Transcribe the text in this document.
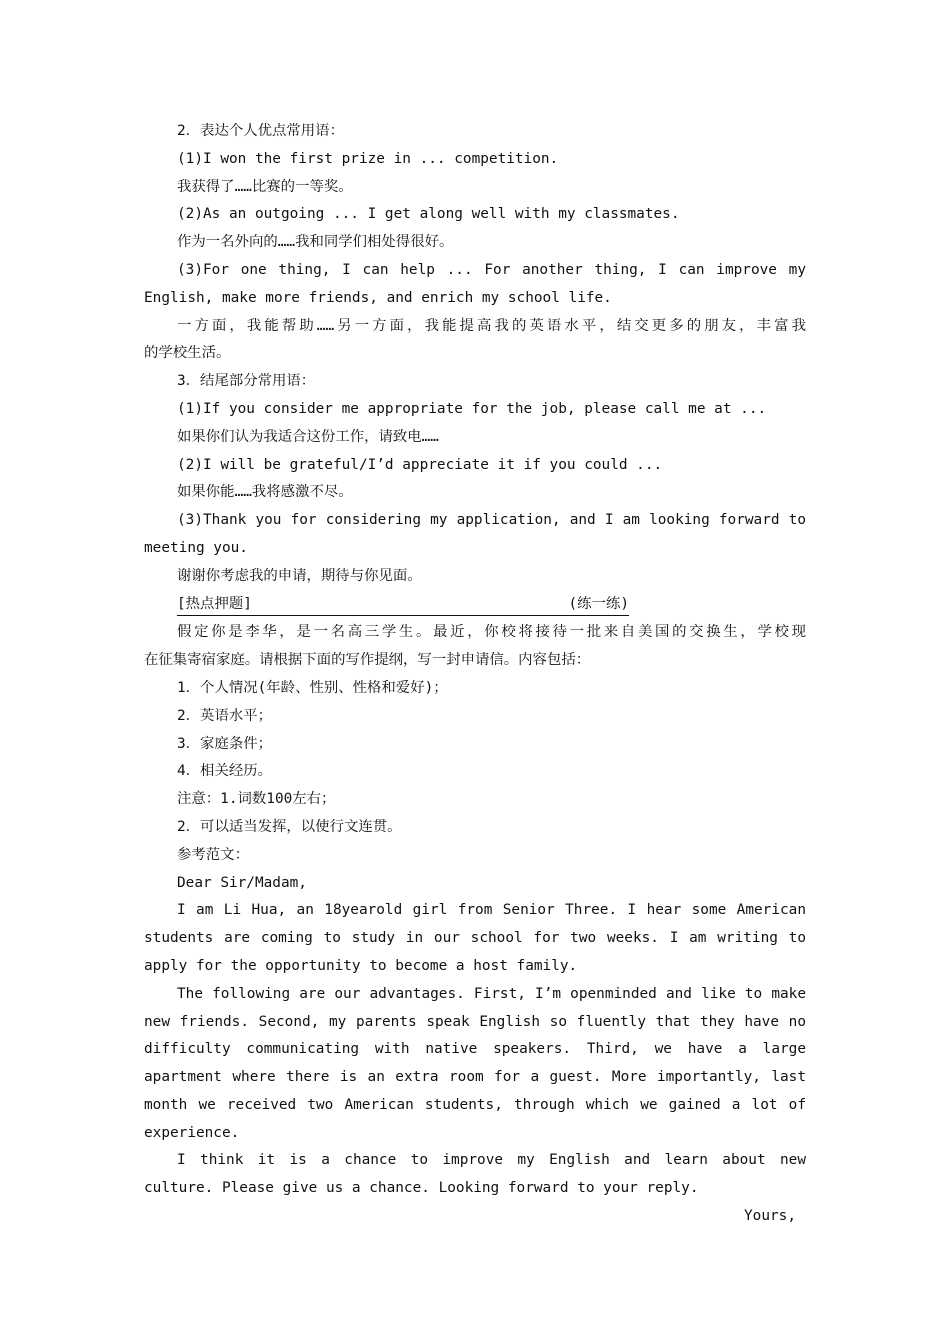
2．表达个人优点常用语：
(1)I won the first prize in ... competition.
我获得了……比赛的一等奖。
(2)As an outgoing ... I get along well with my classmates.
作为一名外向的……我和同学们相处得很好。
(3)For one thing, I can help ... For another thing, I can improve my
English, make more friends, and enrich my school life.
一方面，我能帮助……另一方面，我能提高我的英语水平，结交更多的朋友，丰富我
的学校生活。
3．结尾部分常用语：
(1)If you consider me appropriate for the job, please call me at ...
如果你们认为我适合这份工作，请致电……
(2)I will be grateful/I’d appreciate it if you could ...
如果你能……我将感激不尽。
(3)Thank you for considering my application, and I am looking forward to
meeting you.
谢谢你考虑我的申请，期待与你见面。
[热点押题]	(练一练)
假定你是李华，是一名高三学生。最近，你校将接待一批来自美国的交换生，学校现
在征集寄宿家庭。请根据下面的写作提纲，写一封申请信。内容包括：
1．个人情况(年龄、性别、性格和爱好)；
2．英语水平；
3．家庭条件；
4．相关经历。
注意：1.词数100左右；
2．可以适当发挥，以使行文连贯。
参考范文：
Dear Sir/Madam,

I am Li Hua, an 18yearold girl from Senior Three. I hear some American students are coming to study in our school for two weeks. I am writing to apply for the opportunity to become a host family.

The following are our advantages. First, I’m openminded and like to make new friends. Second, my parents speak English so fluently that they have no difficulty communicating with native speakers. Third, we have a large apartment where there is an extra room for a guest. More importantly, last month we received two American students, through which we gained a lot of experience.

I think it is a chance to improve my English and learn about new culture. Please give us a chance. Looking forward to your reply.

Yours,
